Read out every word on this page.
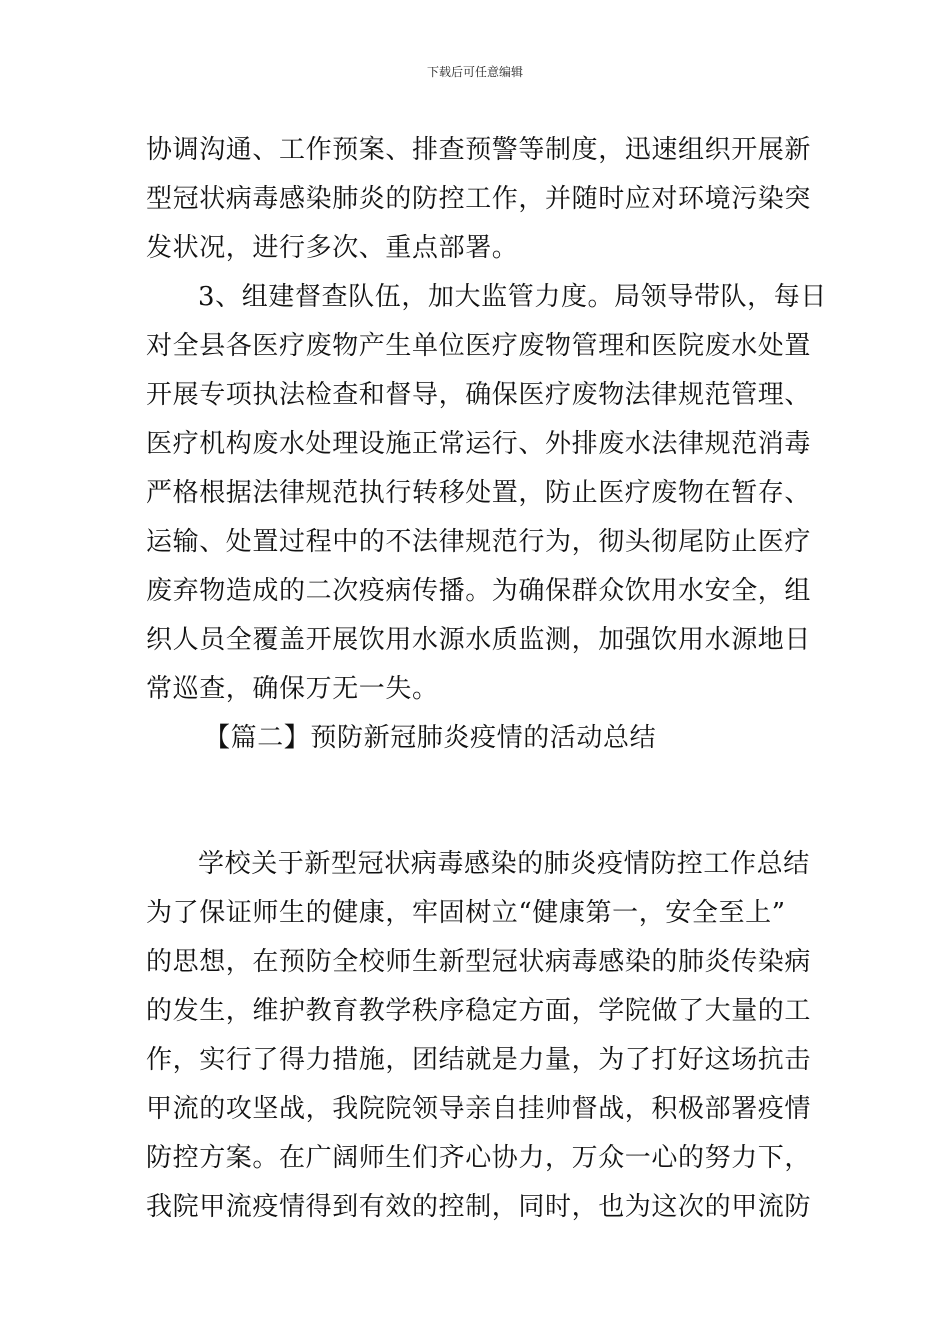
下载后可任意编辑
协调沟通、工作预案、排查预警等制度，迅速组织开展新
型冠状病毒感染肺炎的防控工作，并随时应对环境污染突
发状况，进行多次、重点部署。
3、组建督查队伍，加大监管力度。局领导带队，每日
对全县各医疗废物产生单位医疗废物管理和医院废水处置
开展专项执法检查和督导，确保医疗废物法律规范管理、
医疗机构废水处理设施正常运行、外排废水法律规范消毒
严格根据法律规范执行转移处置，防止医疗废物在暂存、
运输、处置过程中的不法律规范行为，彻头彻尾防止医疗
废弃物造成的二次疫病传播。为确保群众饮用水安全，组
织人员全覆盖开展饮用水源水质监测，加强饮用水源地日
常巡查，确保万无一失。
【篇二】预防新冠肺炎疫情的活动总结
学校关于新型冠状病毒感染的肺炎疫情防控工作总结
为了保证师生的健康，牢固树立“健康第一，安全至上”
的思想，在预防全校师生新型冠状病毒感染的肺炎传染病
的发生，维护教育教学秩序稳定方面，学院做了大量的工
作，实行了得力措施，团结就是力量，为了打好这场抗击
甲流的攻坚战，我院院领导亲自挂帅督战，积极部署疫情
防控方案。在广阔师生们齐心协力，万众一心的努力下，
我院甲流疫情得到有效的控制，同时，也为这次的甲流防
